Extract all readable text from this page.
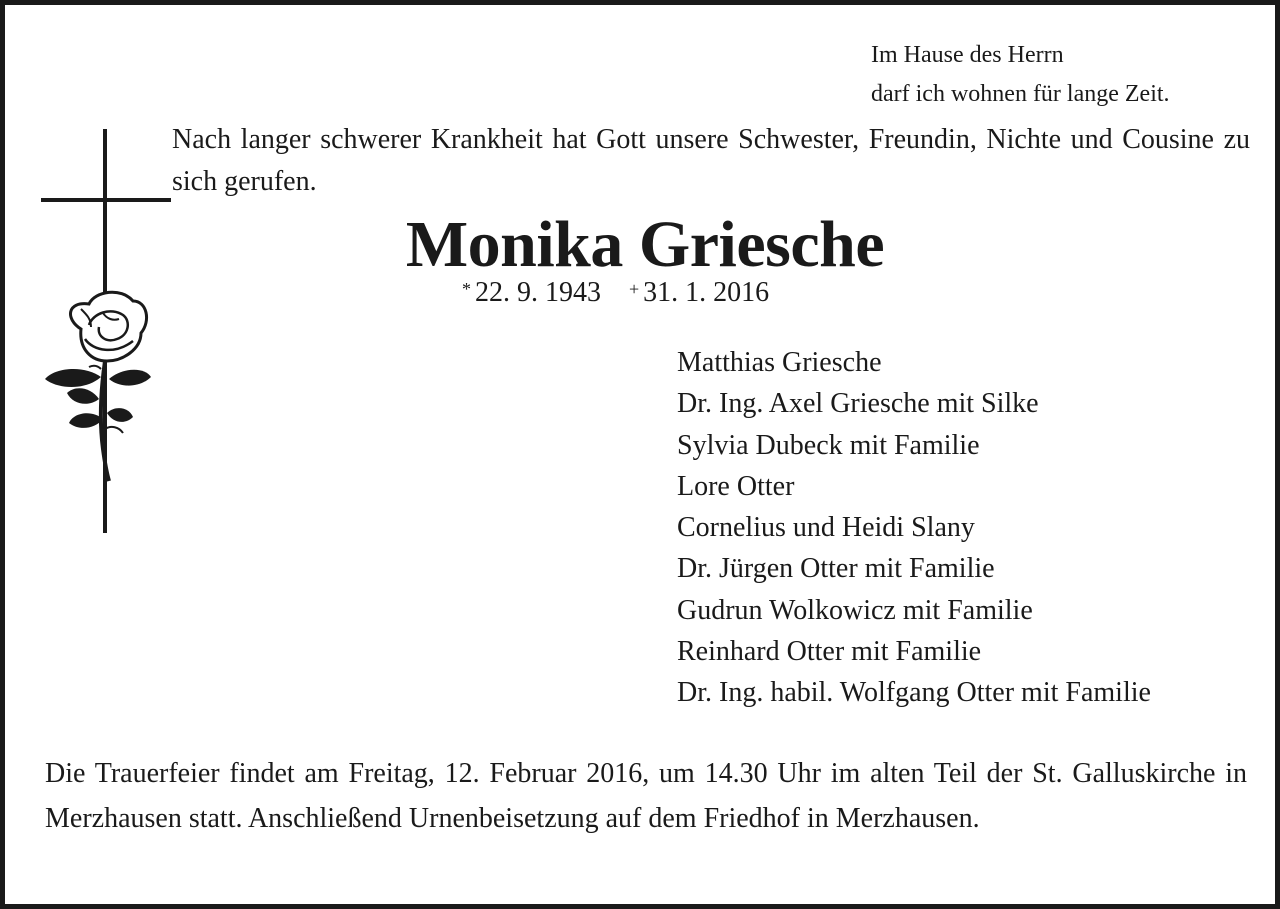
Im Hause des Herrn
darf ich wohnen für lange Zeit.
Nach langer schwerer Krankheit hat Gott unsere Schwester, Freundin, Nichte und Cousine zu sich gerufen.
Monika Griesche
* 22. 9. 1943 + 31. 1. 2016
Matthias Griesche
Dr. Ing. Axel Griesche mit Silke
Sylvia Dubeck mit Familie
Lore Otter
Cornelius und Heidi Slany
Dr. Jürgen Otter mit Familie
Gudrun Wolkowicz mit Familie
Reinhard Otter mit Familie
Dr. Ing. habil. Wolfgang Otter mit Familie
Die Trauerfeier findet am Freitag, 12. Februar 2016, um 14.30 Uhr im alten Teil der St. Galluskirche in Merzhausen statt. Anschließend Urnenbeisetzung auf dem Friedhof in Merzhausen.
